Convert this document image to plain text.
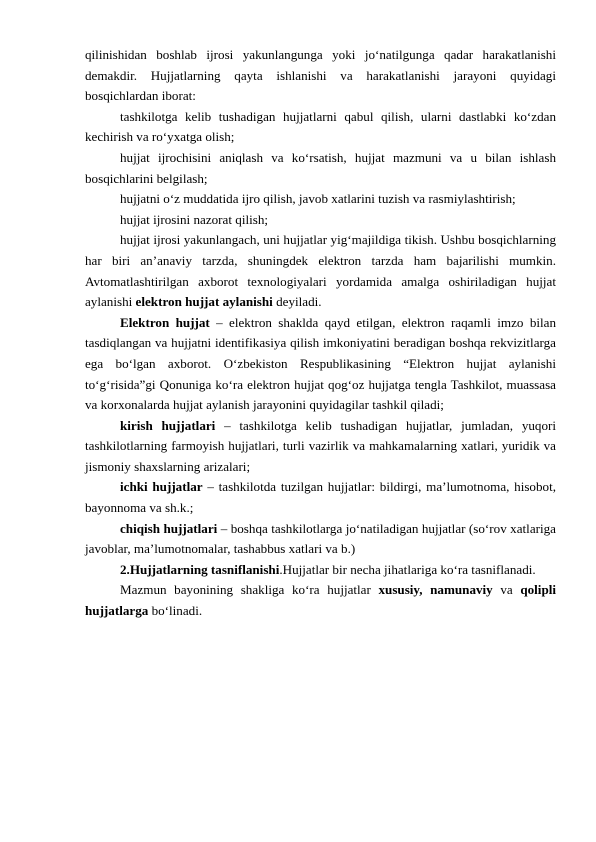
qilinishidan boshlab ijrosi yakunlangunga yoki jo‘natilgunga qadar harakatlanishi demakdir. Hujjatlarning qayta ishlanishi va harakatlanishi jarayoni quyidagi bosqichlardan iborat:

tashkilotga kelib tushadigan hujjatlarni qabul qilish, ularni dastlabki ko‘zdan kechirish va ro‘yxatga olish;

hujjat ijrochisini aniqlash va ko‘rsatish, hujjat mazmuni va u bilan ishlash bosqichlarini belgilash;

hujjatni o‘z muddatida ijro qilish, javob xatlarini tuzish va rasmiylashtirish;

hujjat ijrosini nazorat qilish;

hujjat ijrosi yakunlangach, uni hujjatlar yig‘majildiga tikish. Ushbu bosqichlarning har biri an’anaviy tarzda, shuningdek elektron tarzda ham bajarilishi mumkin. Avtomatlashtirilgan axborot texnologiyalari yordamida amalga oshiriladigan hujjat aylanishi elektron hujjat aylanishi deyiladi.

Elektron hujjat – elektron shaklda qayd etilgan, elektron raqamli imzo bilan tasdiqlangan va hujjatni identifikasiya qilish imkoniyatini beradigan boshqa rekvizitlarga ega bo‘lgan axborot. O‘zbekiston Respublikasining “Elektron hujjat aylanishi to‘g‘risida”gi Qonuniga ko‘ra elektron hujjat qog‘oz hujjatga tengla Tashkilot, muassasa va korxonalarda hujjat aylanish jarayonini quyidagilar tashkil qiladi;

kirish hujjatlari – tashkilotga kelib tushadigan hujjatlar, jumladan, yuqori tashkilotlarning farmoyish hujjatlari, turli vazirlik va mahkamalarning xatlari, yuridik va jismoniy shaxslarning arizalari;

ichki hujjatlar – tashkilotda tuzilgan hujjatlar: bildirgi, ma’lumotnoma, hisobot, bayonnoma va sh.k.;

chiqish hujjatlari – boshqa tashkilotlarga jo‘natiladigan hujjatlar (so‘rov xatlariga javoblar, ma’lumotnomalar, tashabbus xatlari va b.)

2.Hujjatlarning tasniflanishi.Hujjatlar bir necha jihatlariga ko‘ra tasniflanadi.

Mazmun bayonining shakliga ko‘ra hujjatlar xususiy, namunaviy va qolipli hujjatlarga bo‘linadi.
